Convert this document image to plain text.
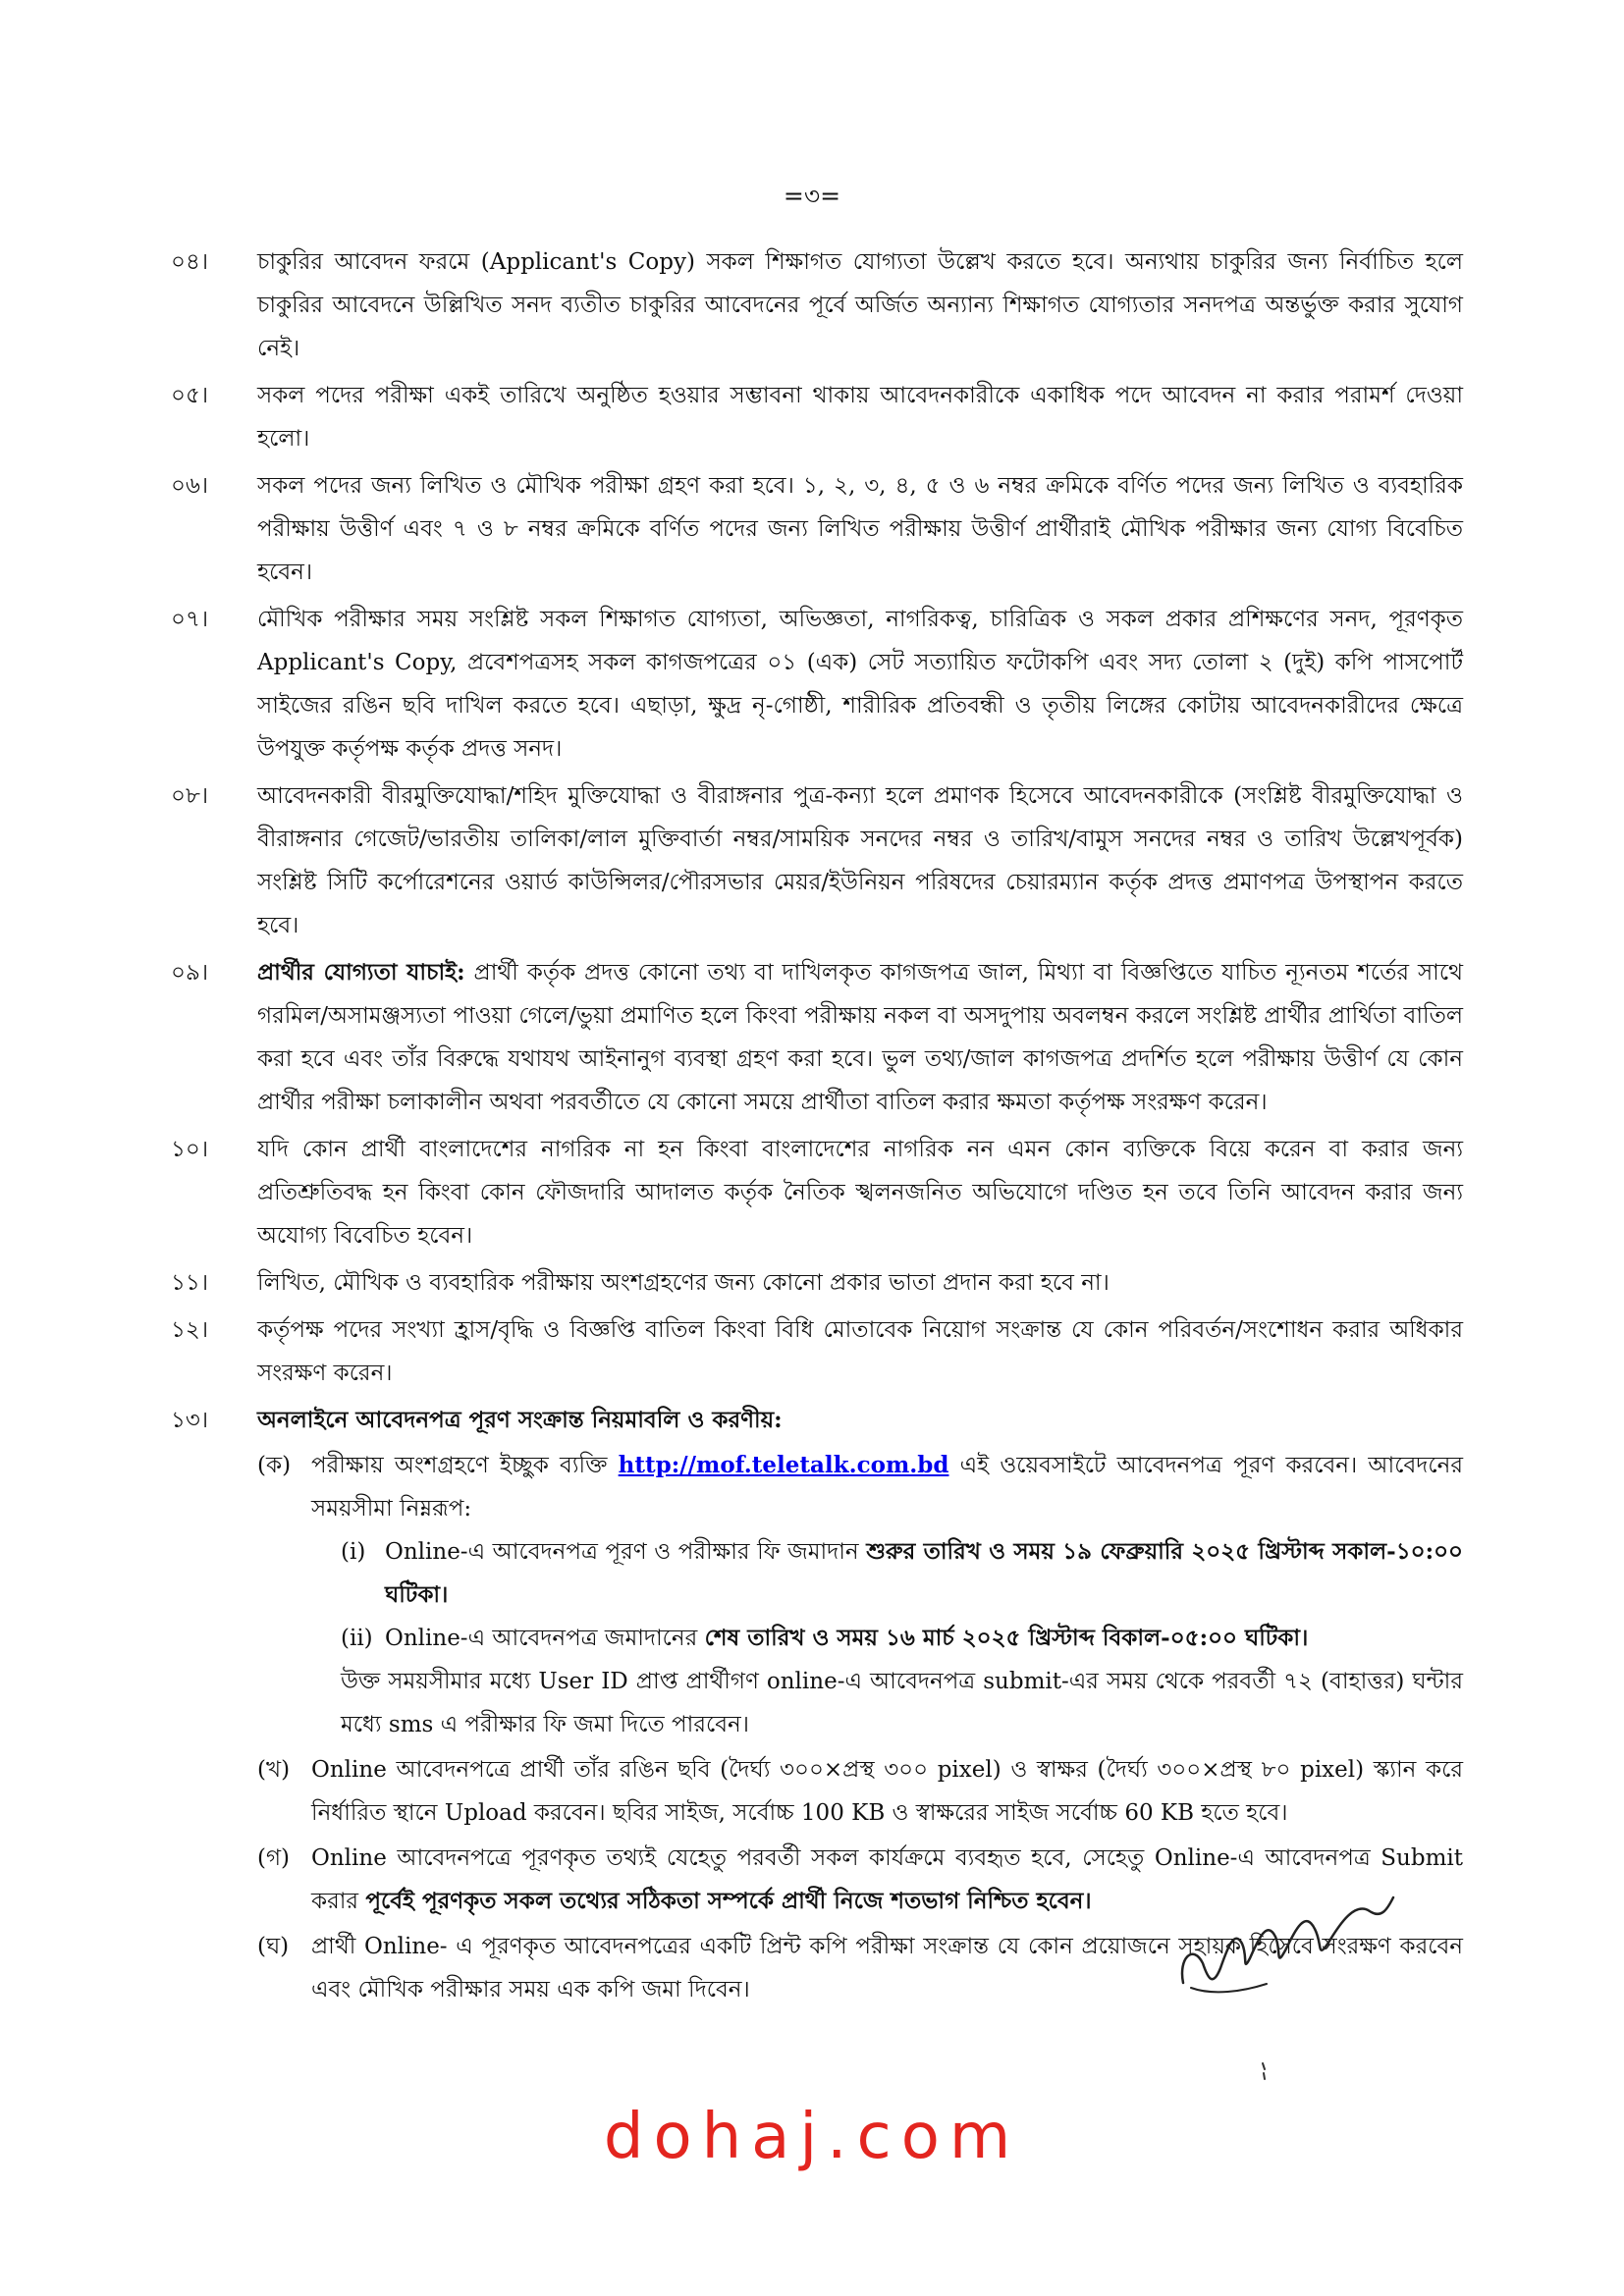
=৩=
০৪।	চাকুরির আবেদন ফরমে (Applicant's Copy) সকল শিক্ষাগত যোগ্যতা উল্লেখ করতে হবে। অন্যথায় চাকুরির জন্য নির্বাচিত হলে চাকুরির আবেদনে উল্লিখিত সনদ ব্যতীত চাকুরির আবেদনের পূর্বে অর্জিত অন্যান্য শিক্ষাগত যোগ্যতার সনদপত্র অন্তর্ভুক্ত করার সুযোগ নেই।
০৫।	সকল পদের পরীক্ষা একই তারিখে অনুষ্ঠিত হওয়ার সম্ভাবনা থাকায় আবেদনকারীকে একাধিক পদে আবেদন না করার পরামর্শ দেওয়া হলো।
০৬।	সকল পদের জন্য লিখিত ও মৌখিক পরীক্ষা গ্রহণ করা হবে। ১, ২, ৩, ৪, ৫ ও ৬ নম্বর ক্রমিকে বর্ণিত পদের জন্য লিখিত ও ব্যবহারিক পরীক্ষায় উত্তীর্ণ এবং ৭ ও ৮ নম্বর ক্রমিকে বর্ণিত পদের জন্য লিখিত পরীক্ষায় উত্তীর্ণ প্রার্থীরাই মৌখিক পরীক্ষার জন্য যোগ্য বিবেচিত হবেন।
০৭।	মৌখিক পরীক্ষার সময় সংশ্লিষ্ট সকল শিক্ষাগত যোগ্যতা, অভিজ্ঞতা, নাগরিকত্ব, চারিত্রিক ও সকল প্রকার প্রশিক্ষণের সনদ, পূরণকৃত Applicant's Copy, প্রবেশপত্রসহ সকল কাগজপত্রের ০১ (এক) সেট সত্যায়িত ফটোকপি এবং সদ্য তোলা ২ (দুই) কপি পাসপোর্ট সাইজের রঙিন ছবি দাখিল করতে হবে। এছাড়া, ক্ষুদ্র নৃ-গোষ্ঠী, শারীরিক প্রতিবন্ধী ও তৃতীয় লিঙ্গের কোটায় আবেদনকারীদের ক্ষেত্রে উপযুক্ত কর্তৃপক্ষ কর্তৃক প্রদত্ত সনদ।
০৮।	আবেদনকারী বীরমুক্তিযোদ্ধা/শহিদ মুক্তিযোদ্ধা ও বীরাঙ্গনার পুত্র-কন্যা হলে প্রমাণক হিসেবে আবেদনকারীকে (সংশ্লিষ্ট বীরমুক্তিযোদ্ধা ও বীরাঙ্গনার গেজেট/ভারতীয় তালিকা/লাল মুক্তিবার্তা নম্বর/সাময়িক সনদের নম্বর ও তারিখ/বামুস সনদের নম্বর ও তারিখ উল্লেখপূর্বক) সংশ্লিষ্ট সিটি কর্পোরেশনের ওয়ার্ড কাউন্সিলর/পৌরসভার মেয়র/ইউনিয়ন পরিষদের চেয়ারম্যান কর্তৃক প্রদত্ত প্রমাণপত্র উপস্থাপন করতে হবে।
০৯।	প্রার্থীর যোগ্যতা যাচাই: প্রার্থী কর্তৃক প্রদত্ত কোনো তথ্য বা দাখিলকৃত কাগজপত্র জাল, মিথ্যা বা বিজ্ঞপ্তিতে যাচিত ন্যূনতম শর্তের সাথে গরমিল/অসামঞ্জস্যতা পাওয়া গেলে/ভুয়া প্রমাণিত হলে কিংবা পরীক্ষায় নকল বা অসদুপায় অবলম্বন করলে সংশ্লিষ্ট প্রার্থীর প্রার্থিতা বাতিল করা হবে এবং তাঁর বিরুদ্ধে যথাযথ আইনানুগ ব্যবস্থা গ্রহণ করা হবে। ভুল তথ্য/জাল কাগজপত্র প্রদর্শিত হলে পরীক্ষায় উত্তীর্ণ যে কোন প্রার্থীর পরীক্ষা চলাকালীন অথবা পরবর্তীতে যে কোনো সময়ে প্রার্থীতা বাতিল করার ক্ষমতা কর্তৃপক্ষ সংরক্ষণ করেন।
১০।	যদি কোন প্রার্থী বাংলাদেশের নাগরিক না হন কিংবা বাংলাদেশের নাগরিক নন এমন কোন ব্যক্তিকে বিয়ে করেন বা করার জন্য প্রতিশ্রুতিবদ্ধ হন কিংবা কোন ফৌজদারি আদালত কর্তৃক নৈতিক স্খলনজনিত অভিযোগে দণ্ডিত হন তবে তিনি আবেদন করার জন্য অযোগ্য বিবেচিত হবেন।
১১।	লিখিত, মৌখিক ও ব্যবহারিক পরীক্ষায় অংশগ্রহণের জন্য কোনো প্রকার ভাতা প্রদান করা হবে না।
১২।	কর্তৃপক্ষ পদের সংখ্যা হ্রাস/বৃদ্ধি ও বিজ্ঞপ্তি বাতিল কিংবা বিধি মোতাবেক নিয়োগ সংক্রান্ত যে কোন পরিবর্তন/সংশোধন করার অধিকার সংরক্ষণ করেন।
১৩।	অনলাইনে আবেদনপত্র পূরণ সংক্রান্ত নিয়মাবলি ও করণীয়:
(ক) পরীক্ষায় অংশগ্রহণে ইচ্ছুক ব্যক্তি http://mof.teletalk.com.bd এই ওয়েবসাইটে আবেদনপত্র পূরণ করবেন। আবেদনের সময়সীমা নিম্নরূপ:
(i) Online-এ আবেদনপত্র পূরণ ও পরীক্ষার ফি জমাদান শুরুর তারিখ ও সময় ১৯ ফেব্রুয়ারি ২০২৫ খ্রিস্টাব্দ সকাল-১০:০০ ঘটিকা।
(ii) Online-এ আবেদনপত্র জমাদানের শেষ তারিখ ও সময় ১৬ মার্চ ২০২৫ খ্রিস্টাব্দ বিকাল-০৫:০০ ঘটিকা।
উক্ত সময়সীমার মধ্যে User ID প্রাপ্ত প্রার্থীগণ online-এ আবেদনপত্র submit-এর সময় থেকে পরবর্তী ৭২ (বাহাত্তর) ঘন্টার মধ্যে sms এ পরীক্ষার ফি জমা দিতে পারবেন।
(খ) Online আবেদনপত্রে প্রার্থী তাঁর রঙিন ছবি (দৈর্ঘ্য ৩০০×প্রস্থ ৩০০ pixel) ও স্বাক্ষর (দৈর্ঘ্য ৩০০×প্রস্থ ৮০ pixel) স্ক্যান করে নির্ধারিত স্থানে Upload করবেন। ছবির সাইজ, সর্বোচ্চ 100 KB ও স্বাক্ষরের সাইজ সর্বোচ্চ 60 KB হতে হবে।
(গ) Online আবেদনপত্রে পূরণকৃত তথ্যই যেহেতু পরবর্তী সকল কার্যক্রমে ব্যবহৃত হবে, সেহেতু Online-এ আবেদনপত্র Submit করার পূর্বেই পূরণকৃত সকল তথ্যের সঠিকতা সম্পর্কে প্রার্থী নিজে শতভাগ নিশ্চিত হবেন।
(ঘ) প্রার্থী Online- এ পূরণকৃত আবেদনপত্রের একটি প্রিন্ট কপি পরীক্ষা সংক্রান্ত যে কোন প্রয়োজনে সহায়ক হিসেবে সংরক্ষণ করবেন এবং মৌখিক পরীক্ষার সময় এক কপি জমা দিবেন।
dohaj.com
